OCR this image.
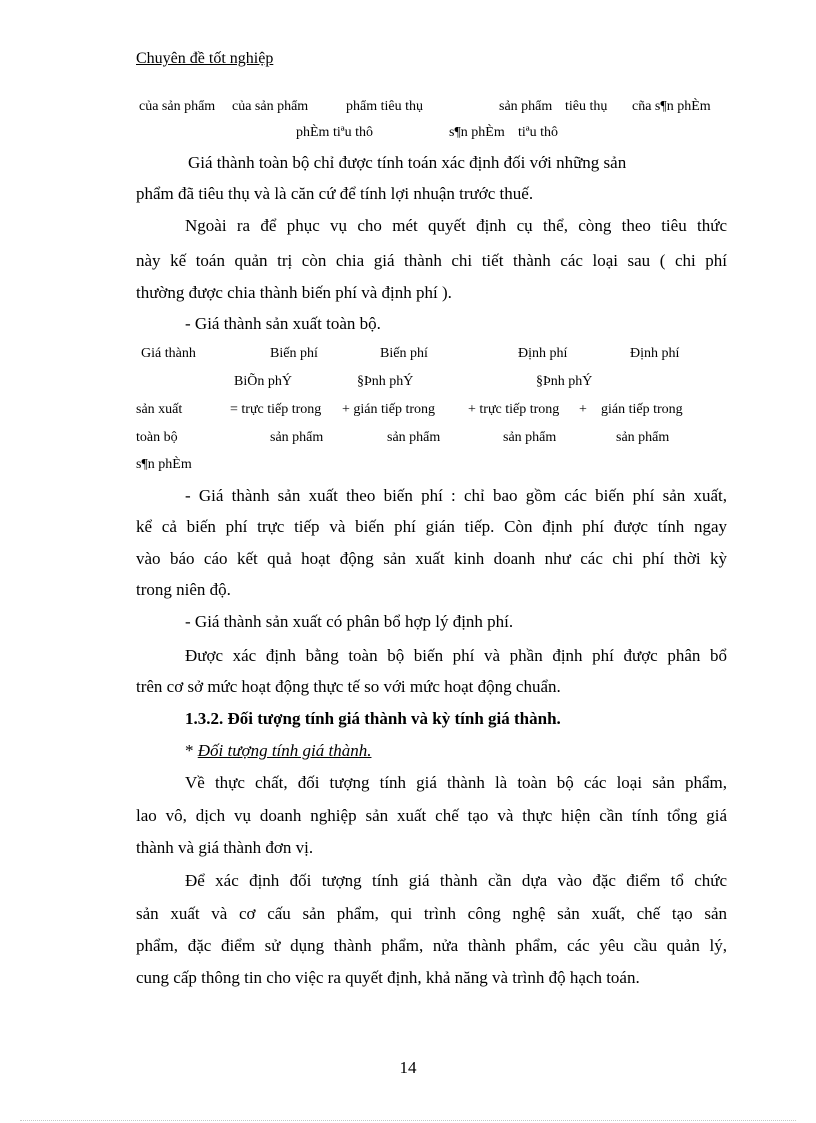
Chuyên đề tốt nghiệp
của sản phẩm của sản phẩm	phẩm tiêu thụ	sản phẩm tiêu thụ cña s¶n phÈm
phÈm tiªu thô	s¶n phÈm tiªu thô
Giá thành toàn bộ chỉ được tính toán xác định đối với những sản
phẩm đã tiêu thụ và là căn cứ để tính lợi nhuận trước thuế.
Ngoài ra để phục vụ cho mét quyết định cụ thể, còng theo tiêu thức
này kế toán quản trị còn chia giá thành chi tiết thành các loại sau ( chi phí
thường được chia thành biến phí và định phí ).
- Giá thành sản xuất toàn bộ.
Giá thành	Biến phí	Biến phí	Định phí	Định phí
BiÕn phÝ	§Þnh phÝ	§Þnh phÝ
sản xuất	= trực tiếp trong + gián tiếp trong + trực tiếp trong + gián tiếp trong
toàn bộ	sản phẩm	sản phẩm	sản phẩm	sản phẩm
s¶n phÈm
- Giá thành sản xuất theo biến phí : chỉ bao gồm các biến phí sản xuất,
kể cả biến phí trực tiếp và biến phí gián tiếp. Còn định phí được tính ngay
vào báo cáo kết quả hoạt động sản xuất kinh doanh như các chi phí thời kỳ
trong niên độ.
- Giá thành sản xuất có phân bổ hợp lý định phí.
Được xác định bằng toàn bộ biến phí và phần định phí được phân bổ
trên cơ sở mức hoạt động thực tế so với mức hoạt động chuẩn.
1.3.2. Đối tượng tính giá thành và kỳ tính giá thành.
* Đối tượng tính giá thành.
Về thực chất, đối tượng tính giá thành là toàn bộ các loại sản phẩm,
lao vô, dịch vụ doanh nghiệp sản xuất chế tạo và thực hiện cần tính tổng giá
thành và giá thành đơn vị.
Để xác định đối tượng tính giá thành cần dựa vào đặc điểm tổ chức
sản xuất và cơ cấu sản phẩm, qui trình công nghệ sản xuất, chế tạo sản
phẩm, đặc điểm sử dụng thành phẩm, nửa thành phẩm, các yêu cầu quản lý,
cung cấp thông tin cho việc ra quyết định, khả năng và trình độ hạch toán.
14
